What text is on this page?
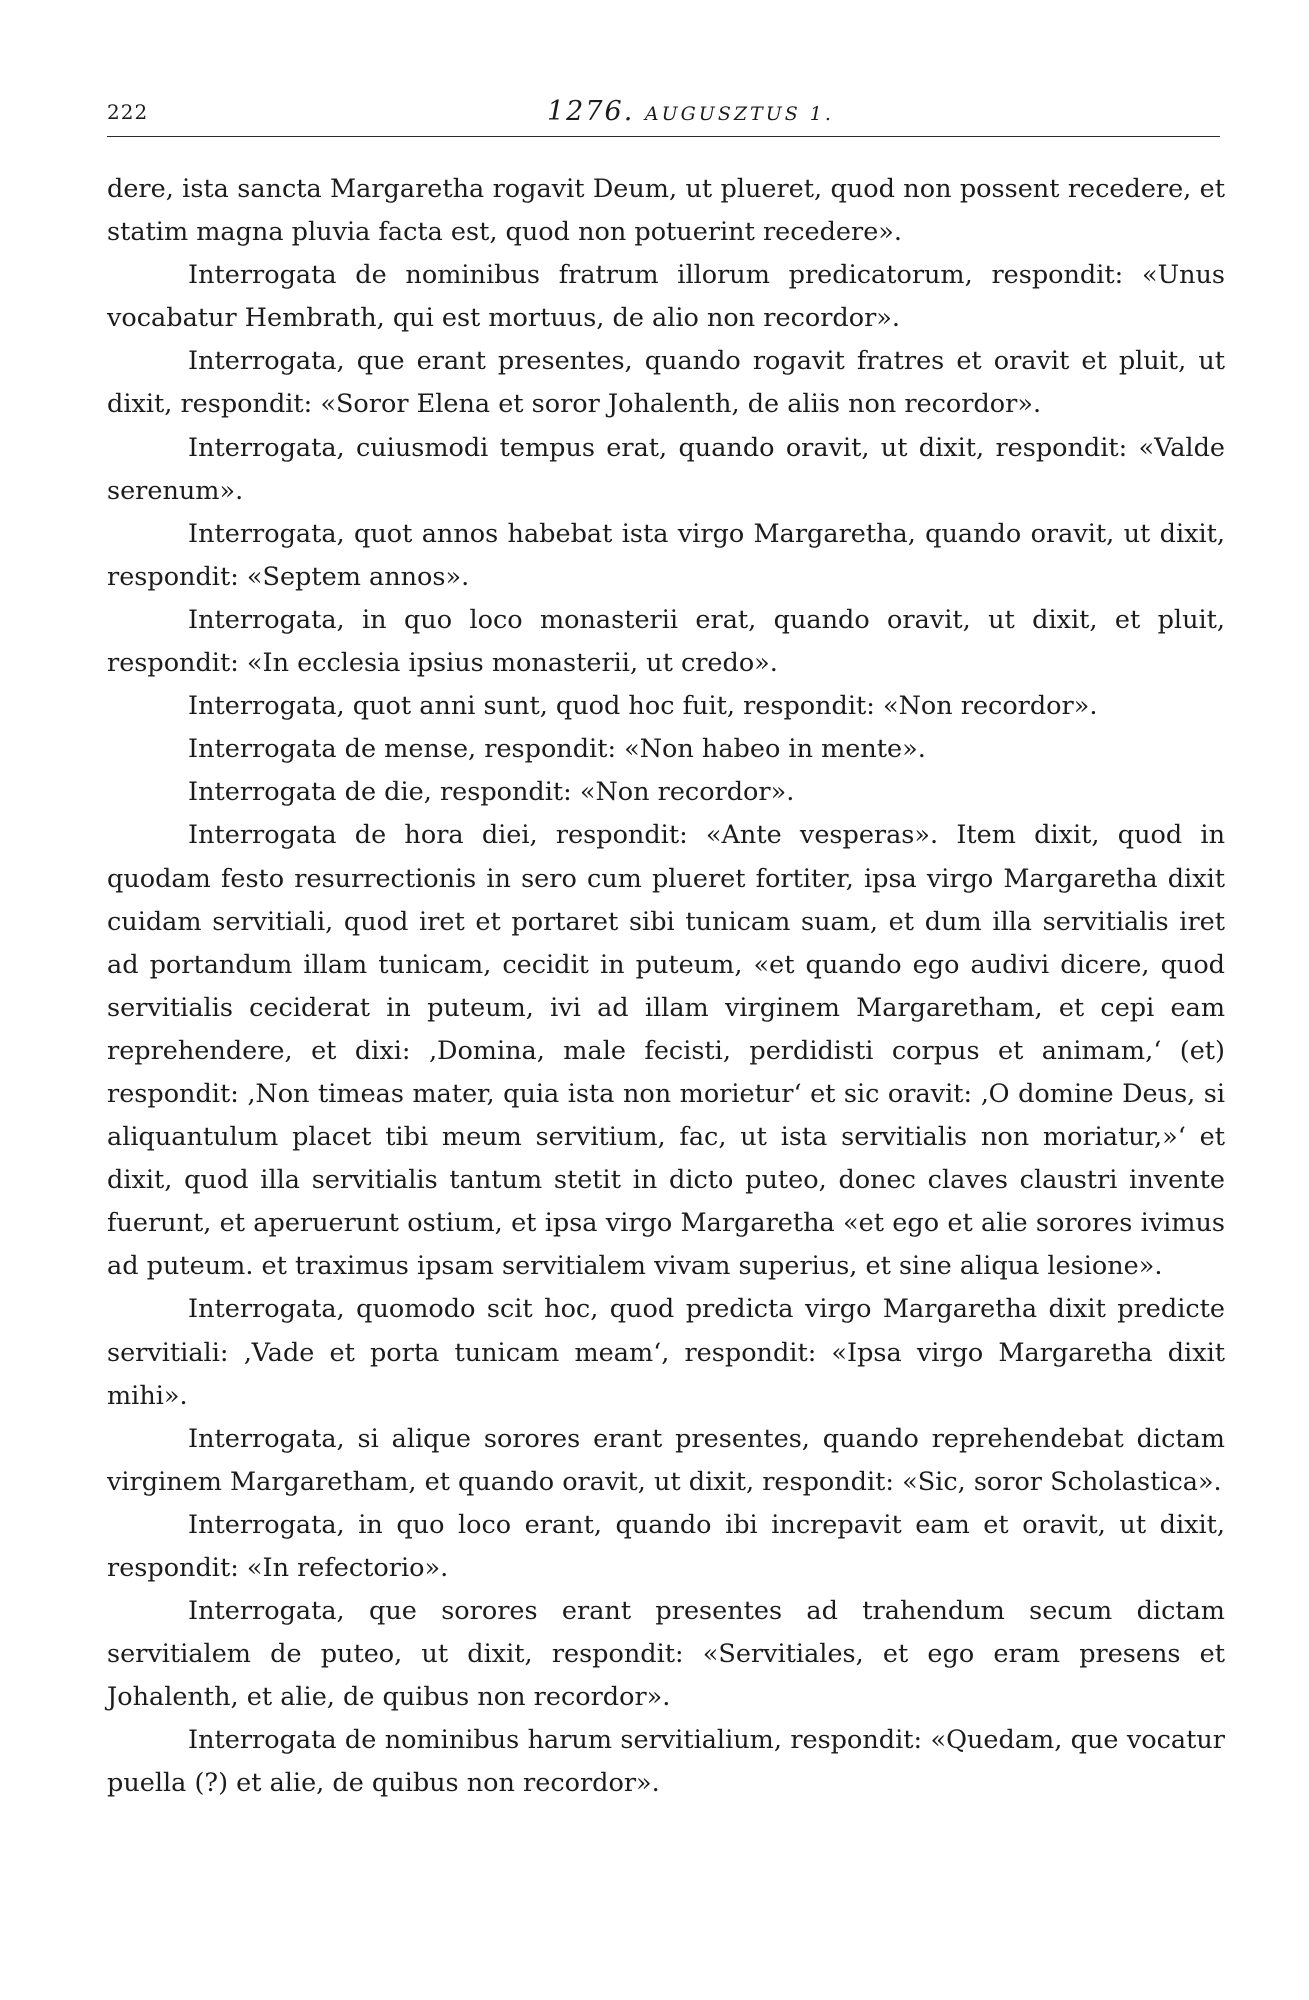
222	1276. AUGUSZTUS 1.

dere, ista sancta Margaretha rogavit Deum, ut plueret, quod non possent recedere, et statim magna pluvia facta est, quod non potuerint recedere».

Interrogata de nominibus fratrum illorum predicatorum, respondit: «Unus vocabatur Hembrath, qui est mortuus, de alio non recordor».

Interrogata, que erant presentes, quando rogavit fratres et oravit et pluit, ut dixit, respondit: «Soror Elena et soror Johalenth, de aliis non recordor».

Interrogata, cuiusmodi tempus erat, quando oravit, ut dixit, respondit: «Valde serenum».

Interrogata, quot annos habebat ista virgo Margaretha, quando oravit, ut dixit, respondit: «Septem annos».

Interrogata, in quo loco monasterii erat, quando oravit, ut dixit, et pluit, respondit: «In ecclesia ipsius monasterii, ut credo».

Interrogata, quot anni sunt, quod hoc fuit, respondit: «Non recordor».

Interrogata de mense, respondit: «Non habeo in mente».

Interrogata de die, respondit: «Non recordor».

Interrogata de hora diei, respondit: «Ante vesperas». Item dixit, quod in quodam festo resurrectionis in sero cum plueret fortiter, ipsa virgo Margaretha dixit cuidam servitiali, quod iret et portaret sibi tunicam suam, et dum illa servitialis iret ad portandum illam tunicam, cecidit in puteum, «et quando ego audivi dicere, quod servitialis ceciderat in puteum, ivi ad illam virginem Margaretham, et cepi eam reprehendere, et dixi: ‚Domina, male fecisti, perdidisti corpus et animam,‘ (et) respondit: ‚Non timeas mater, quia ista non morietur‘ et sic oravit: ‚O domine Deus, si aliquantulum placet tibi meum servitium, fac, ut ista servitialis non moriatur,»‘ et dixit, quod illa servitialis tantum stetit in dicto puteo, donec claves claustri invente fuerunt, et aperuerunt ostium, et ipsa virgo Margaretha «et ego et alie sorores ivimus ad puteum. et traximus ipsam servitialem vivam superius, et sine aliqua lesione».

Interrogata, quomodo scit hoc, quod predicta virgo Margaretha dixit predicte servitiali: ‚Vade et porta tunicam meam‘, respondit: «Ipsa virgo Margaretha dixit mihi».

Interrogata, si alique sorores erant presentes, quando reprehendebat dictam virginem Margaretham, et quando oravit, ut dixit, respondit: «Sic, soror Scholastica».

Interrogata, in quo loco erant, quando ibi increpavit eam et oravit, ut dixit, respondit: «In refectorio».

Interrogata, que sorores erant presentes ad trahendum secum dictam servitialem de puteo, ut dixit, respondit: «Servitiales, et ego eram presens et Johalenth, et alie, de quibus non recordor».

Interrogata de nominibus harum servitialium, respondit: «Quedam, que vocatur puella (?) et alie, de quibus non recordor».
